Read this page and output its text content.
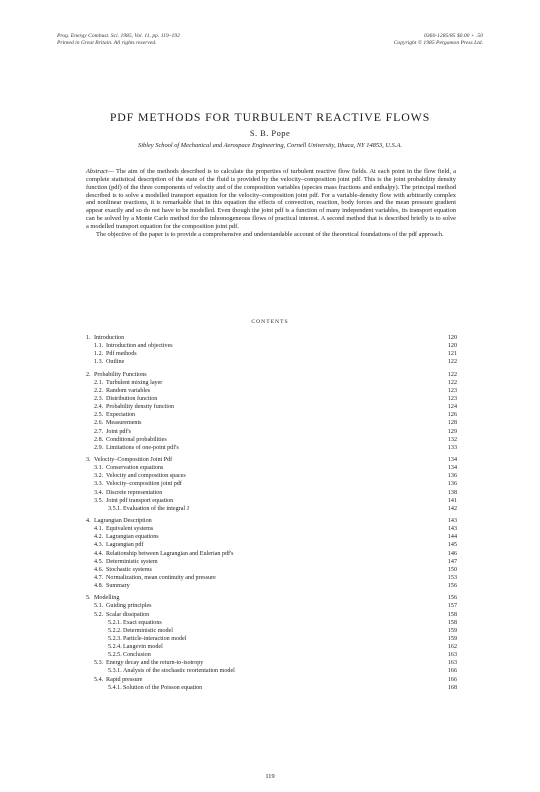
Prog. Energy Combust. Sci. 1985, Vol. 11, pp. 119–192
Printed in Great Britain. All rights reserved.
0360-1285/85 $0.00 + .50
Copyright © 1985 Pergamon Press Ltd.
PDF METHODS FOR TURBULENT REACTIVE FLOWS
S. B. Pope
Sibley School of Mechanical and Aerospace Engineering, Cornell University, Ithaca, NY 14853, U.S.A.

Abstract— The aim of the methods described is to calculate the properties of turbulent reactive flow fields. At each point in the flow field, a complete statistical description of the state of the fluid is provided by the velocity–composition joint pdf. This is the joint probability density function (pdf) of the three components of velocity and of the composition variables (species mass fractions and enthalpy). The principal method described is to solve a modelled transport equation for the velocity–composition joint pdf. For a variable-density flow with arbitrarily complex and nonlinear reactions, it is remarkable that in this equation the effects of convection, reaction, body forces and the mean pressure gradient appear exactly and so do not have to be modelled. Even though the joint pdf is a function of many independent variables, its transport equation can be solved by a Monte Carlo method for the inhomogeneous flows of practical interest. A second method that is described briefly is to solve a modelled transport equation for the composition joint pdf.

The objective of the paper is to provide a comprehensive and understandable account of the theoretical foundations of the pdf approach.

CONTENTS
1. Introduction	120
1.1. Introduction and objectives	120
1.2. Pdf methods	121
1.3. Outline	122
2. Probability Functions	122
2.1. Turbulent mixing layer	122
2.2. Random variables	123
2.3. Distribution function	123
2.4. Probability density function	124
2.5. Expectation	126
2.6. Measurements	128
2.7. Joint pdf's	129
2.8. Conditional probabilities	132
2.9. Limitations of one-point pdf's	133
3. Velocity–Composition Joint Pdf	134
3.1. Conservation equations	134
3.2. Velocity and composition spaces	136
3.3. Velocity–composition joint pdf	136
3.4. Discrete representation	138
3.5. Joint pdf transport equation	141
3.5.1. Evaluation of the integral J	142
4. Lagrangian Description	143
4.1. Equivalent systems	143
4.2. Lagrangian equations	144
4.3. Lagrangian pdf	145
4.4. Relationship between Lagrangian and Eulerian pdf's	146
4.5. Deterministic system	147
4.6. Stochastic systems	150
4.7. Normalization, mean continuity and pressure	153
4.8. Summary	156
5. Modelling	156
5.1. Guiding principles	157
5.2. Scalar dissipation	158
5.2.1. Exact equations	158
5.2.2. Deterministic model	159
5.2.3. Particle-interaction model	159
5.2.4. Langevin model	162
5.2.5. Conclusion	163
5.3. Energy decay and the return-to-isotropy	163
5.3.1. Analysis of the stochastic reorientation model	166
5.4. Rapid pressure	166
5.4.1. Solution of the Poisson equation	168
119
